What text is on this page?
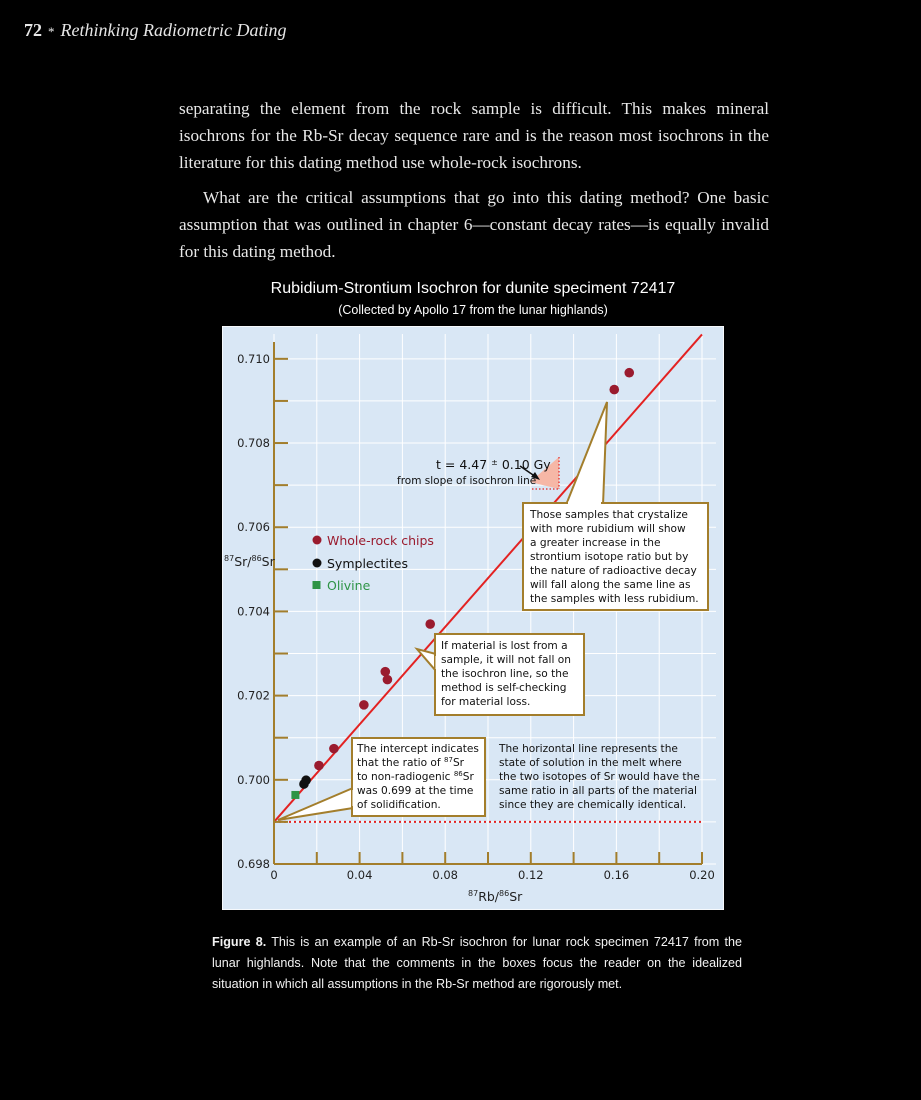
72 * Rethinking Radiometric Dating

separating the element from the rock sample is difficult. This makes mineral isochrons for the Rb-Sr decay sequence rare and is the reason most isochrons in the literature for this dating method use whole-rock isochrons.

What are the critical assumptions that go into this dating method? One basic assumption that was outlined in chapter 6—constant decay rates—is equally invalid for this dating method.

Rubidium-Strontium Isochron for dunite speciment 72417
(Collected by Apollo 17 from the lunar highlands)
0.698
0.700
0.702
0.704
0.706
0.708
0.710
0	0.04	0.08	0.12	0.16	0.20
$^{87}$Sr/$^{86}$Sr
$^{87}$Rb/$^{86}$Sr
Whole-rock chips
Symplectites
Olivine
t = 4.47 ± 0.10 Gy
from slope of isochron line
Those samples that crystalize with more rubidium will show a greater increase in the strontium isotope ratio but by the nature of radioactive decay will fall along the same line as the samples with less rubidium.
If material is lost from a sample, it will not fall on the isochron line, so the method is self-checking for material loss.
The intercept indicates that the ratio of $^{87}$Sr to non-radiogenic $^{86}$Sr was 0.699 at the time of solidification.
The horizontal line represents the state of solution in the melt where the two isotopes of Sr would have the same ratio in all parts of the material since they are chemically identical.
Figure 8. This is an example of an Rb-Sr isochron for lunar rock specimen 72417 from the lunar highlands. Note that the comments in the boxes focus the reader on the idealized situation in which all assumptions in the Rb-Sr method are rigorously met.
